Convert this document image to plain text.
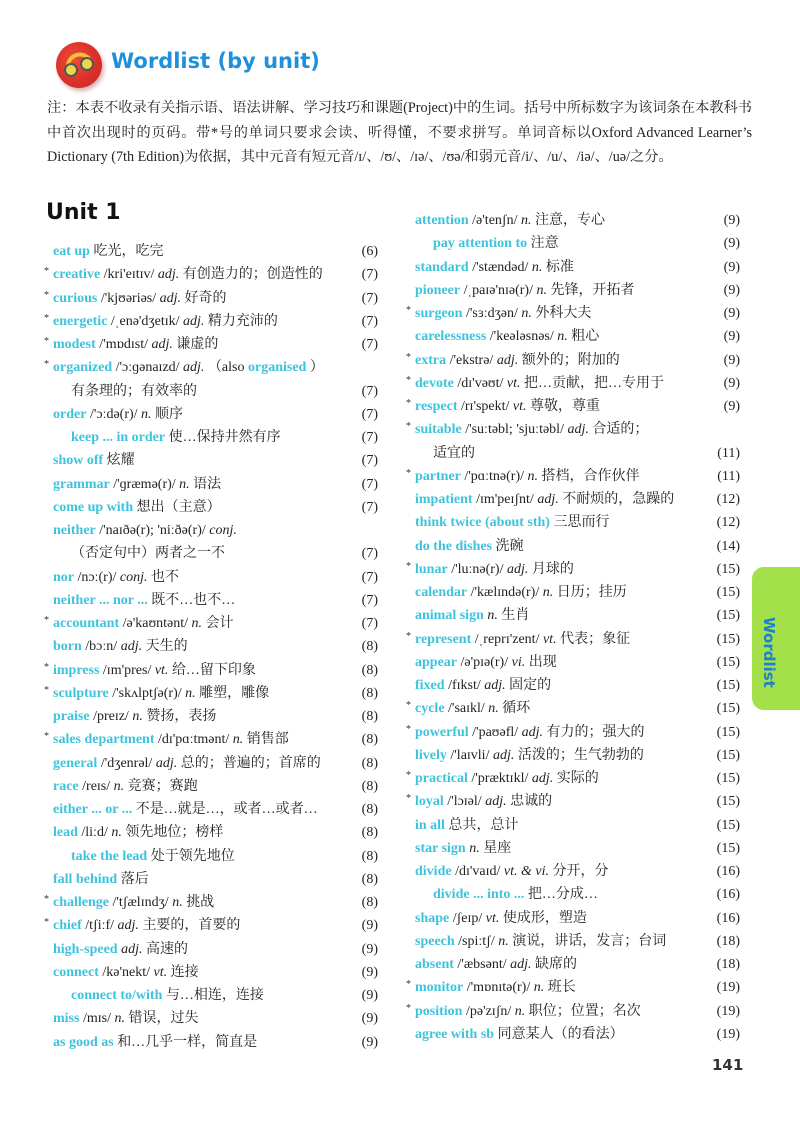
Wordlist (by unit)
注：本表不收录有关指示语、语法讲解、学习技巧和课题(Project)中的生词。括号中所标数字为该词条在本教科书中首次出现时的页码。带*号的单词只要求会读、听得懂，不要求拼写。单词音标以Oxford Advanced Learner’s Dictionary (7th Edition)为依据，其中元音有短元音/ɪ/、/ʊ/、/ɪə/、/ʊə/和弱元音/i/、/u/、/iə/、/uə/之分。
Unit 1
eat up 吃光，吃完	(6)
* creative /kri'eɪtɪv/ adj. 有创造力的；创造性的	(7)
* curious /'kjʊəriəs/ adj. 好奇的	(7)
* energetic /ˌenə'dʒetɪk/ adj. 精力充沛的	(7)
* modest /'mɒdɪst/ adj. 谦虚的	(7)
* organized /'ɔːɡənaɪzd/ adj. （also organised ）
有条理的；有效率的	(7)
order /'ɔːdə(r)/ n. 顺序	(7)
keep ... in order 使…保持井然有序	(7)
show off 炫耀	(7)
grammar /'ɡræmə(r)/ n. 语法	(7)
come up with 想出（主意）	(7)
neither /'naɪðə(r); 'niːðə(r)/ conj.
（否定句中）两者之一不	(7)
nor /nɔː(r)/ conj. 也不	(7)
neither ... nor ... 既不…也不…	(7)
* accountant /ə'kaʊntənt/ n. 会计	(7)
born /bɔːn/ adj. 天生的	(8)
* impress /ɪm'pres/ vt. 给…留下印象	(8)
* sculpture /'skʌlptʃə(r)/ n. 雕塑，雕像	(8)
praise /preɪz/ n. 赞扬，表扬	(8)
* sales department /dɪ'pɑːtmənt/ n. 销售部	(8)
general /'dʒenrəl/ adj. 总的；普遍的；首席的	(8)
race /reɪs/ n. 竞赛；赛跑	(8)
either ... or ... 不是…就是…，或者…或者…	(8)
lead /liːd/ n. 领先地位；榜样	(8)
take the lead 处于领先地位	(8)
fall behind 落后	(8)
* challenge /'tʃælɪndʒ/ n. 挑战	(8)
* chief /tʃiːf/ adj. 主要的，首要的	(9)
high-speed adj. 高速的	(9)
connect /kə'nekt/ vt. 连接	(9)
connect to/with 与…相连，连接	(9)
miss /mɪs/ n. 错误，过失	(9)
as good as 和…几乎一样，简直是	(9)
attention /ə'tenʃn/ n. 注意，专心	(9)
pay attention to 注意	(9)
standard /'stændəd/ n. 标准	(9)
pioneer /ˌpaɪə'nɪə(r)/ n. 先锋，开拓者	(9)
* surgeon /'sɜːdʒən/ n. 外科大夫	(9)
carelessness /'keələsnəs/ n. 粗心	(9)
* extra /'ekstrə/ adj. 额外的；附加的	(9)
* devote /dɪ'vəʊt/ vt. 把…贡献，把…专用于	(9)
* respect /rɪ'spekt/ vt. 尊敬，尊重	(9)
* suitable /'suːtəbl; 'sjuːtəbl/ adj. 合适的；
适宜的	(11)
* partner /'pɑːtnə(r)/ n. 搭档，合作伙伴	(11)
impatient /ɪm'peɪʃnt/ adj. 不耐烦的，急躁的	(12)
think twice (about sth) 三思而行	(12)
do the dishes 洗碗	(14)
* lunar /'luːnə(r)/ adj. 月球的	(15)
calendar /'kælɪndə(r)/ n. 日历；挂历	(15)
animal sign n. 生肖	(15)
* represent /ˌreprɪ'zent/ vt. 代表；象征	(15)
appear /ə'pɪə(r)/ vi. 出现	(15)
fixed /fɪkst/ adj. 固定的	(15)
* cycle /'saɪkl/ n. 循环	(15)
* powerful /'paʊəfl/ adj. 有力的；强大的	(15)
lively /'laɪvli/ adj. 活泼的；生气勃勃的	(15)
* practical /'præktɪkl/ adj. 实际的	(15)
* loyal /'lɔɪəl/ adj. 忠诚的	(15)
in all 总共，总计	(15)
star sign n. 星座	(15)
divide /dɪ'vaɪd/ vt. & vi. 分开，分	(16)
divide ... into ... 把…分成…	(16)
shape /ʃeɪp/ vt. 使成形，塑造	(16)
speech /spiːtʃ/ n. 演说，讲话，发言；台词	(18)
absent /'æbsənt/ adj. 缺席的	(18)
* monitor /'mɒnɪtə(r)/ n. 班长	(19)
* position /pə'zɪʃn/ n. 职位；位置；名次	(19)
agree with sb 同意某人（的看法）	(19)
Wordlist
141
